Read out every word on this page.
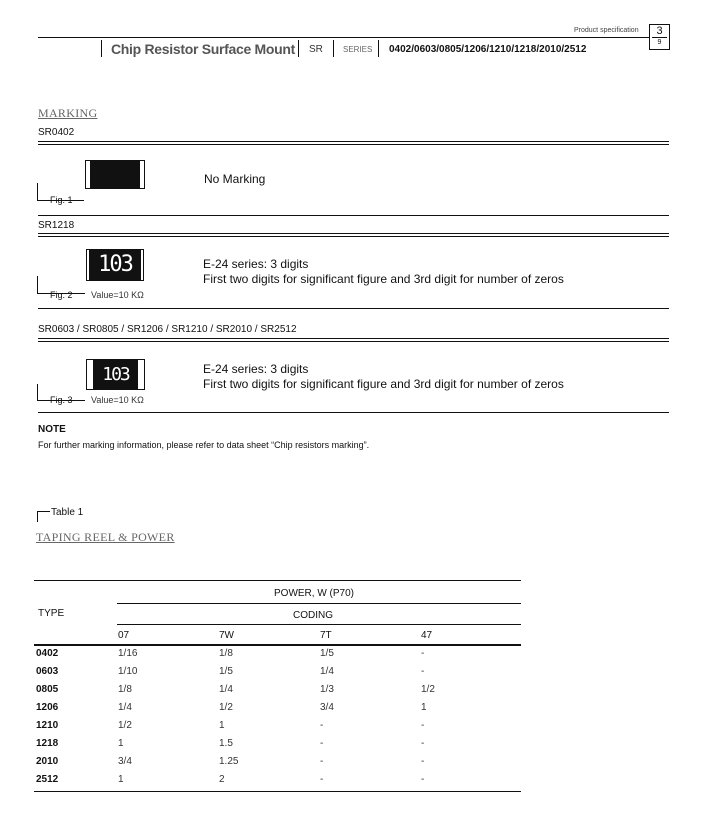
Product specification	3
9
Chip Resistor Surface Mount SR	SERIES 0402/0603/0805/1206/1210/1218/2010/2512
MARKING
SR0402
Fig. 1
No Marking
SR1218
103
Fig. 2 Value=10 KΩ
E-24 series: 3 digits
First two digits for significant figure and 3rd digit for number of zeros
SR0603 / SR0805 / SR1206 / SR1210 / SR2010 / SR2512
103
Fig. 3 Value=10 KΩ
E-24 series: 3 digits
First two digits for significant figure and 3rd digit for number of zeros
NOTE
For further marking information, please refer to data sheet “Chip resistors marking”.
Table 1
TAPING REEL & POWER
POWER, W (P70)
TYPE	CODING
07	7W	7T	47
0402	1/16	1/8	1/5	-
0603	1/10	1/5	1/4	-
0805	1/8	1/4	1/3	1/2
1206	1/4	1/2	3/4	1
1210	1/2	1	-	-
1218	1	1.5	-	-
2010	3/4	1.25	-	-
2512	1	2	-	-
